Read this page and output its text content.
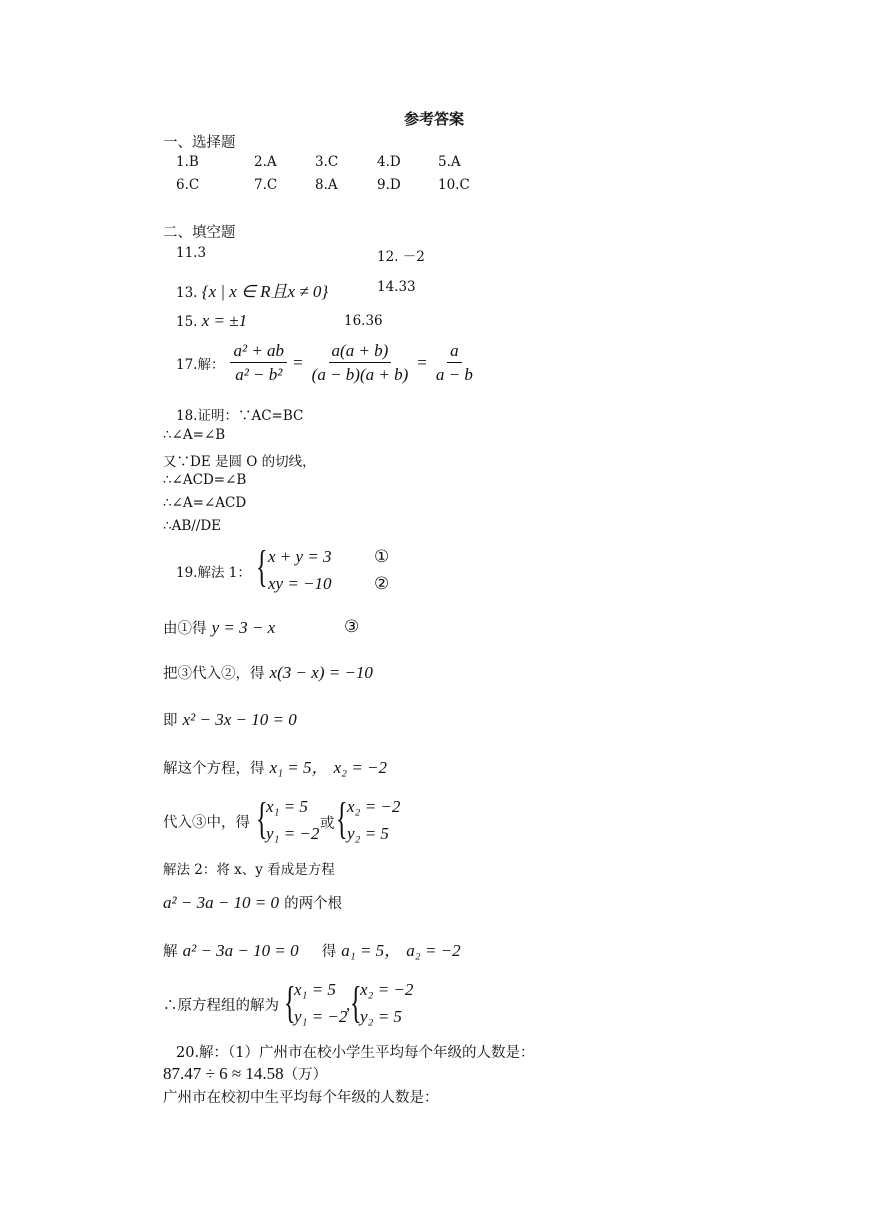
参考答案
一、选择题
1.B	2.A	3.C	4.D	5.A
6.C	7.C	8.A	9.D	10.C
二、填空题
11.3	12. －2
13. {x | x ∈ R且x ≠ 0}	14.33
15. x = ±1	16.36
17.解： $\frac{\text{a² + ab}}{\text{a² − b²}} = \frac{a(a + b)}{(a - b)(a + b)} = \frac{a}{a - b}$
18.证明：∵AC=BC
∴∠A=∠B
又∵DE 是圆 O 的切线，
∴∠ACD=∠B
∴∠A=∠ACD
∴AB//DE
19.解法 1： { x + y = 3
xy = −10
①
②
由①得 y = 3 − x	③
把③代入②，得 x(3 − x) = −10
即 x² − 3x − 10 = 0
解这个方程，得 x₁ = 5， x₂ = −2
代入③中，得 {
x₁ = 5
y₁ = −2 或 { x₂ = −2
y₂ = 5
解法 2：将 x、y 看成是方程
a² − 3a − 10 = 0 的两个根
解 a² − 3a − 10 = 0 得 a₁ = 5， a₂ = −2
∴原方程组的解为 {
x₁ = 5
y₁ = −2
, {
x₂ = −2
y₂ = 5
20.解：（1）广州市在校小学生平均每个年级的人数是：
87.47 ÷ 6 ≈ 14.58（万）
广州市在校初中生平均每个年级的人数是：
